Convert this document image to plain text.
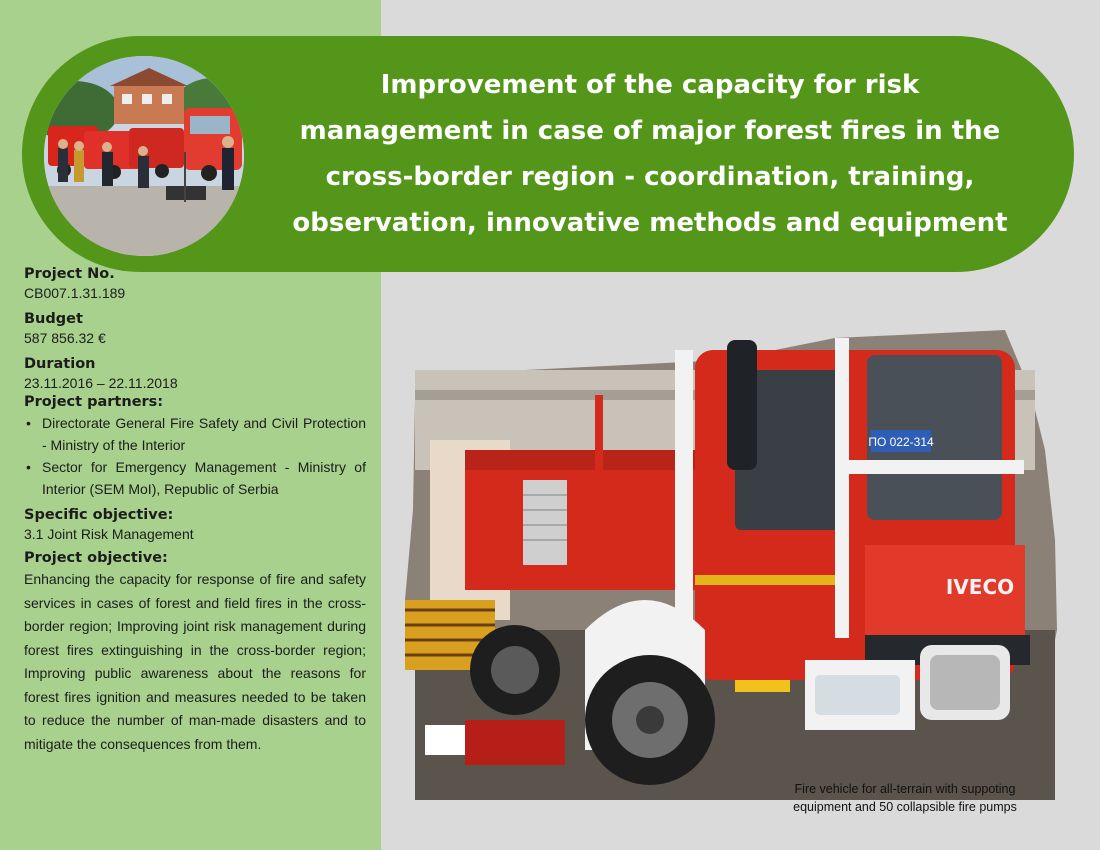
Improvement of the capacity for risk management in case of major forest fires in the cross-border region - coordination, training, observation, innovative methods and equipment

Project No.

CB007.1.31.189

Budget

587 856.32 €

Duration

23.11.2016 – 22.11.2018

Project partners:

• Directorate General Fire Safety and Civil Protection - Ministry of the Interior
• Sector for Emergency Management - Ministry of Interior (SEM MoI), Republic of Serbia

Specific objective:

3.1 Joint Risk Management

Project objective:

Enhancing the capacity for response of fire and safety services in cases of forest and field fires in the cross-border region; Improving joint risk management during forest fires extinguishing in the cross-border region; Improving public awareness about the reasons for forest fires ignition and measures needed to be taken to reduce the number of man-made disasters and to mitigate the consequences from them.

ПО 022-314
IVECO

Fire vehicle for all-terrain with suppoting equipment and 50 collapsible fire pumps
